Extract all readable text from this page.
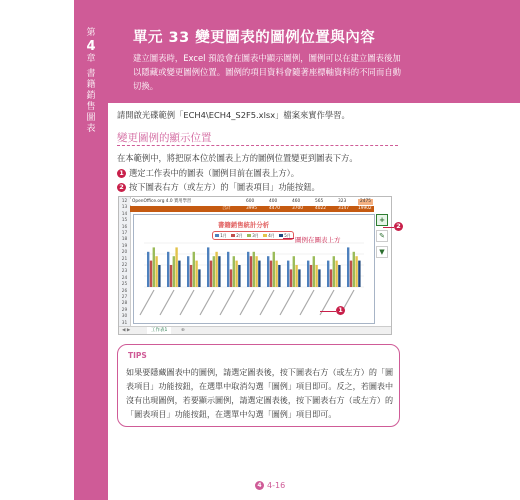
第
4
章
書
籍
銷
售
圖
表
單元 33 變更圖表的圖例位置與內容
建立圖表時，Excel 預設會在圖表中顯示圖例，圖例可以在建立圖表後加以隱藏或變更圖例位置。圖例的項目資料會隨著座標軸資料的不同而自動切換。
請開啟光碟範例「ECH4\ECH4_S2F5.xlsx」檔案來實作學習。
變更圖例的顯示位置
在本範例中，將把原本位於圖表上方的圖例位置變更到圖表下方。
1 選定工作表中的圖表（圖例目前在圖表上方）。
2 按下圖表右方（或左方）的「圖表項目」功能按鈕。
12
13
14
15
16
17
18
19
20
21
22
23
24
25
26
27
28
29
30
31
OpenOffice.org 4.0 實用學習	600	400	460	565	323	2475
合計	3995	4470	3700	4022	3147 19902
書籍銷售統計分析
1月 2月 3月 4月 5月
+
✎
▼
◀ ▶	工作表1	⊕
圖例在圖表上方
2
1
TIPS
如果要隱藏圖表中的圖例，請選定圖表後，按下圖表右方（或左方）的「圖表項目」功能按鈕，在選單中取消勾選「圖例」項目即可。反之，若圖表中沒有出現圖例，若要顯示圖例，請選定圖表後，按下圖表右方（或左方）的「圖表項目」功能按鈕，在選單中勾選「圖例」項目即可。
4 4-16
